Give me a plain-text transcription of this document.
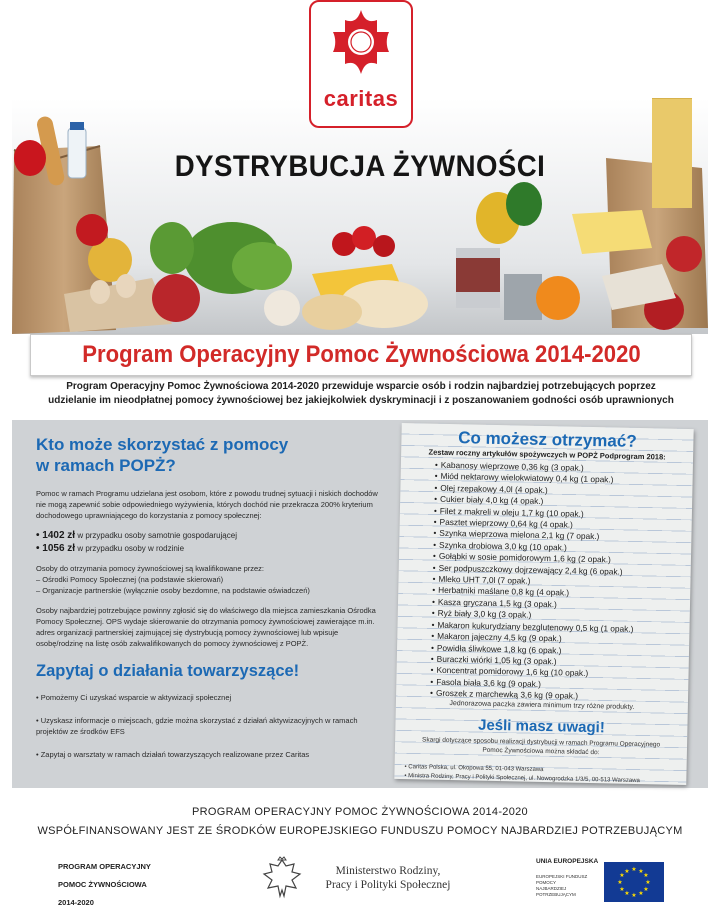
caritas
DYSTRYBUCJA ŻYWNOŚCI
Program Operacyjny Pomoc Żywnościowa 2014-2020
Program Operacyjny Pomoc Żywnościowa 2014-2020 przewiduje wsparcie osób i rodzin najbardziej potrzebujących poprzez
udzielanie im nieodpłatnej pomocy żywnościowej bez jakiejkolwiek dyskryminacji i z poszanowaniem godności osób uprawnionych
Kto może skorzystać z pomocy
w ramach POPŻ?

Pomoc w ramach Programu udzielana jest osobom, które z powodu trudnej sytuacji i niskich dochodów nie mogą zapewnić sobie odpowiedniego wyżywienia, których dochód nie przekracza 200% kryterium dochodowego uprawniającego do korzystania z pomocy społecznej:

• 1402 zł w przypadku osoby samotnie gospodarującej
• 1056 zł w przypadku osoby w rodzinie
Osoby do otrzymania pomocy żywnościowej są kwalifikowane przez:
– Ośrodki Pomocy Społecznej (na podstawie skierowań)
– Organizacje partnerskie (wyłącznie osoby bezdomne, na podstawie oświadczeń)

Osoby najbardziej potrzebujące powinny zgłosić się do właściwego dla miejsca zamieszkania Ośrodka Pomocy Społecznej. OPS wydaje skierowanie do otrzymania pomocy żywnościowej zawierające m.in. adres organizacji partnerskiej zajmującej się dystrybucją pomocy żywnościowej lub wpisuje osobę/rodzinę na listę osób zakwalifikowanych do pomocy żywnościowej z POPŻ.

Zapytaj o działania towarzyszące!
• Pomożemy Ci uzyskać wsparcie w aktywizacji społecznej
• Uzyskasz informacje o miejscach, gdzie można skorzystać z działań aktywizacyjnych w ramach projektów ze środków EFS
• Zapytaj o warsztaty w ramach działań towarzyszących realizowane przez Caritas
Co możesz otrzymać?
Zestaw roczny artykułów spożywczych w POPŻ Podprogram 2018:
• Kabanosy wieprzowe 0,36 kg (3 opak.)
• Miód nektarowy wielokwiatowy 0,4 kg (1 opak.)
• Olej rzepakowy 4,0l (4 opak.)
• Cukier biały 4,0 kg (4 opak.)
• Filet z makreli w oleju 1,7 kg (10 opak.)
• Pasztet wieprzowy 0,64 kg (4 opak.)
• Szynka wieprzowa mielona 2,1 kg (7 opak.)
• Szynka drobiowa 3,0 kg (10 opak.)
• Gołąbki w sosie pomidorowym 1,6 kg (2 opak.)
• Ser podpuszczkowy dojrzewający 2,4 kg (6 opak.)
• Mleko UHT 7,0l (7 opak.)
• Herbatniki maślane 0,8 kg (4 opak.)
• Kasza gryczana 1,5 kg (3 opak.)
• Ryż biały 3,0 kg (3 opak.)
• Makaron kukurydziany bezglutenowy 0,5 kg (1 opak.)
• Makaron jajeczny 4,5 kg (9 opak.)
• Powidła śliwkowe 1,8 kg (6 opak.)
• Buraczki wiórki 1,05 kg (3 opak.)
• Koncentrat pomidorowy 1,6 kg (10 opak.)
• Fasola biała 3,6 kg (9 opak.)
• Groszek z marchewką 3,6 kg (9 opak.)
Jednorazowa paczka zawiera minimum trzy różne produkty.
Jeśli masz uwagi!
Skargi dotyczące sposobu realizacji dystrybucji w ramach Programu Operacyjnego Pomoc Żywnościowa można składać do:
• Caritas Polska, ul. Okopowa 55, 01-043 Warszawa
• Ministra Rodziny, Pracy i Polityki Społecznej, ul. Nowogrodzka 1/3/5, 00-513 Warszawa
PROGRAM OPERACYJNY POMOC ŻYWNOŚCIOWA 2014-2020
WSPÓŁFINANSOWANY JEST ZE ŚRODKÓW EUROPEJSKIEGO FUNDUSZU POMOCY NAJBARDZIEJ POTRZEBUJĄCYM
PROGRAM OPERACYJNY
POMOC ŻYWNOŚCIOWA
2014-2020
Ministerstwo Rodziny,
Pracy i Polityki Społecznej
UNIA EUROPEJSKA
EUROPEJSKI FUNDUSZ POMOCY
NAJBARDZIEJ POTRZEBUJĄCYM
★ ★
★
★
★
★
★
★
★
★
★
★
